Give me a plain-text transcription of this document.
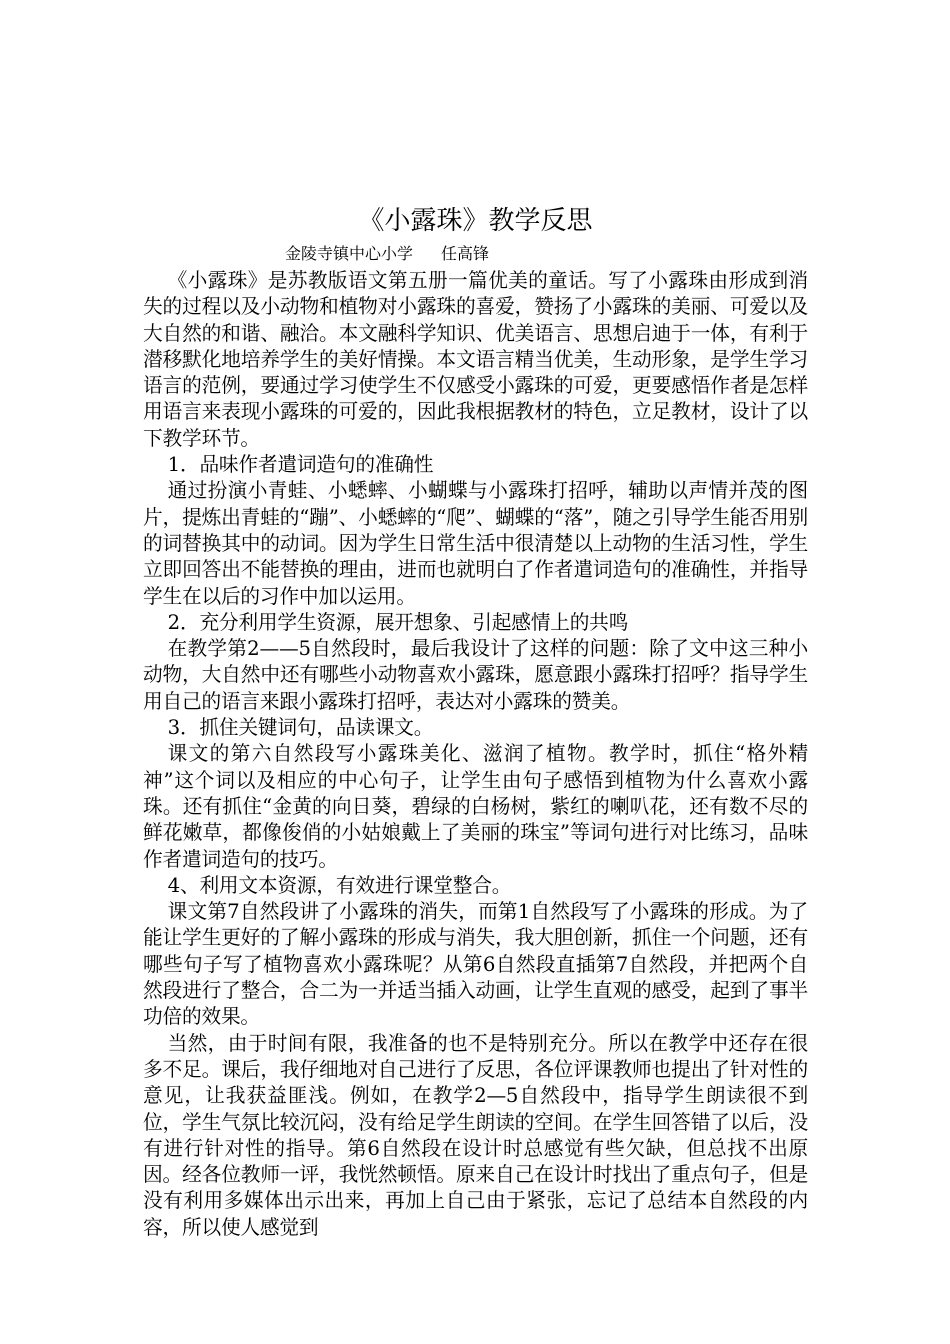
《小露珠》教学反思

金陵寺镇中心小学 任高锋

《小露珠》是苏教版语文第五册一篇优美的童话。写了小露珠由形成到消失的过程以及小动物和植物对小露珠的喜爱，赞扬了小露珠的美丽、可爱以及大自然的和谐、融洽。本文融科学知识、优美语言、思想启迪于一体，有利于潜移默化地培养学生的美好情操。本文语言精当优美，生动形象，是学生学习语言的范例，要通过学习使学生不仅感受小露珠的可爱，更要感悟作者是怎样用语言来表现小露珠的可爱的，因此我根据教材的特色，立足教材，设计了以下教学环节。

1．品味作者遣词造句的准确性

通过扮演小青蛙、小蟋蟀、小蝴蝶与小露珠打招呼，辅助以声情并茂的图片，提炼出青蛙的“蹦”、小蟋蟀的“爬”、蝴蝶的“落”，随之引导学生能否用别的词替换其中的动词。因为学生日常生活中很清楚以上动物的生活习性，学生立即回答出不能替换的理由，进而也就明白了作者遣词造句的准确性，并指导学生在以后的习作中加以运用。

2．充分利用学生资源，展开想象、引起感情上的共鸣

在教学第2——5自然段时，最后我设计了这样的问题：除了文中这三种小动物，大自然中还有哪些小动物喜欢小露珠，愿意跟小露珠打招呼？指导学生用自己的语言来跟小露珠打招呼，表达对小露珠的赞美。

3．抓住关键词句，品读课文。

课文的第六自然段写小露珠美化、滋润了植物。教学时，抓住“格外精神”这个词以及相应的中心句子，让学生由句子感悟到植物为什么喜欢小露珠。还有抓住“金黄的向日葵，碧绿的白杨树，紫红的喇叭花，还有数不尽的鲜花嫩草，都像俊俏的小姑娘戴上了美丽的珠宝”等词句进行对比练习，品味作者遣词造句的技巧。

4、利用文本资源，有效进行课堂整合。

课文第7自然段讲了小露珠的消失，而第1自然段写了小露珠的形成。为了能让学生更好的了解小露珠的形成与消失，我大胆创新，抓住一个问题，还有哪些句子写了植物喜欢小露珠呢？从第6自然段直插第7自然段，并把两个自然段进行了整合，合二为一并适当插入动画，让学生直观的感受，起到了事半功倍的效果。

当然，由于时间有限，我准备的也不是特别充分。所以在教学中还存在很多不足。课后，我仔细地对自己进行了反思，各位评课教师也提出了针对性的意见，让我获益匪浅。例如，在教学2—5自然段中，指导学生朗读很不到位，学生气氛比较沉闷，没有给足学生朗读的空间。在学生回答错了以后，没有进行针对性的指导。第6自然段在设计时总感觉有些欠缺，但总找不出原因。经各位教师一评，我恍然顿悟。原来自己在设计时找出了重点句子，但是没有利用多媒体出示出来，再加上自己由于紧张，忘记了总结本自然段的内容，所以使人感觉到
